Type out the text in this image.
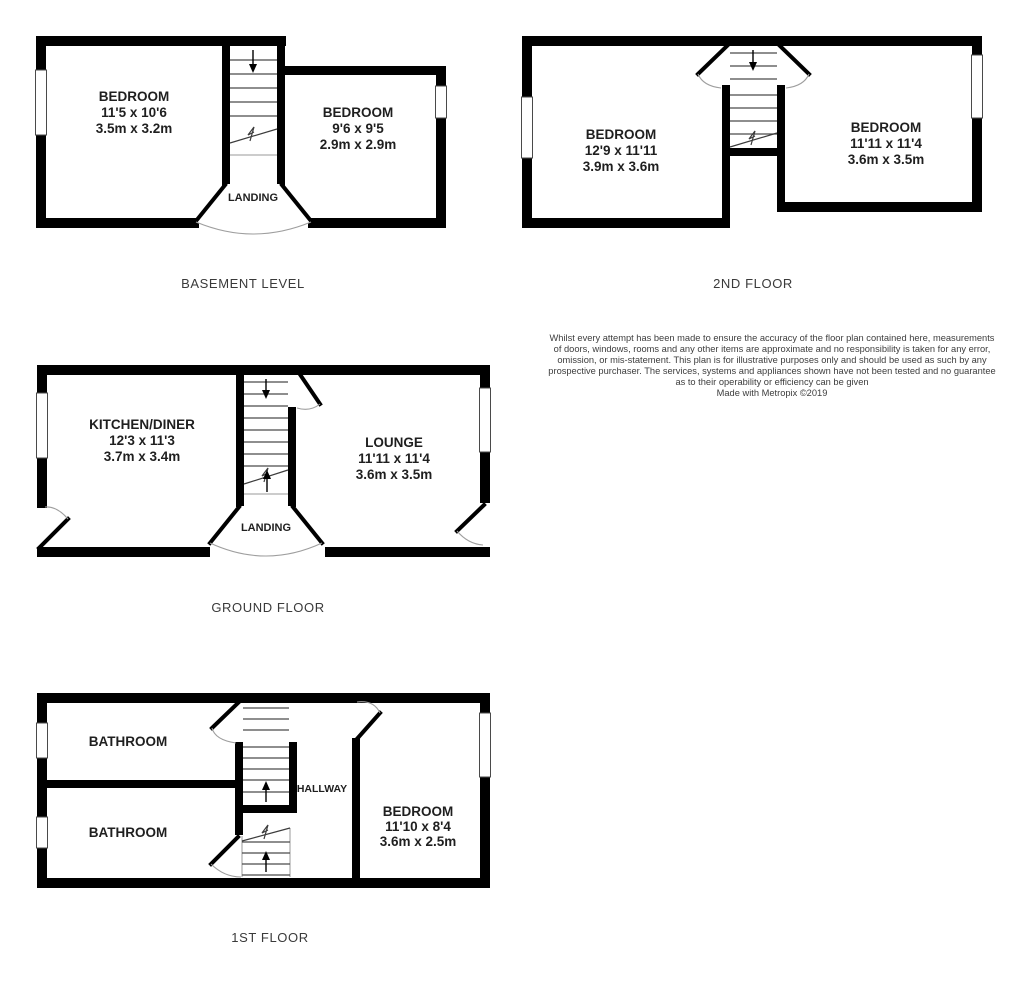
LANDING
BEDROOM
11'5 x 10'6
3.5m x 3.2m
BEDROOM
9'6 x 9'5
2.9m x 2.9m
BASEMENT LEVEL
BEDROOM
12'9 x 11'11
3.9m x 3.6m
BEDROOM
11'11 x 11'4
3.6m x 3.5m
2ND FLOOR
Whilst every attempt has been made to ensure the accuracy of the floor plan contained here, measurements
of doors, windows, rooms and any other items are approximate and no responsibility is taken for any error,
omission, or mis-statement. This plan is for illustrative purposes only and should be used as such by any
prospective purchaser. The services, systems and appliances shown have not been tested and no guarantee
as to their operability or efficiency can be given
Made with Metropix ©2019
LANDING
KITCHEN/DINER
12'3 x 11'3
3.7m x 3.4m
LOUNGE
11'11 x 11'4
3.6m x 3.5m
GROUND FLOOR
BATHROOM
BATHROOM
HALLWAY
BEDROOM
11'10 x 8'4
3.6m x 2.5m
1ST FLOOR
